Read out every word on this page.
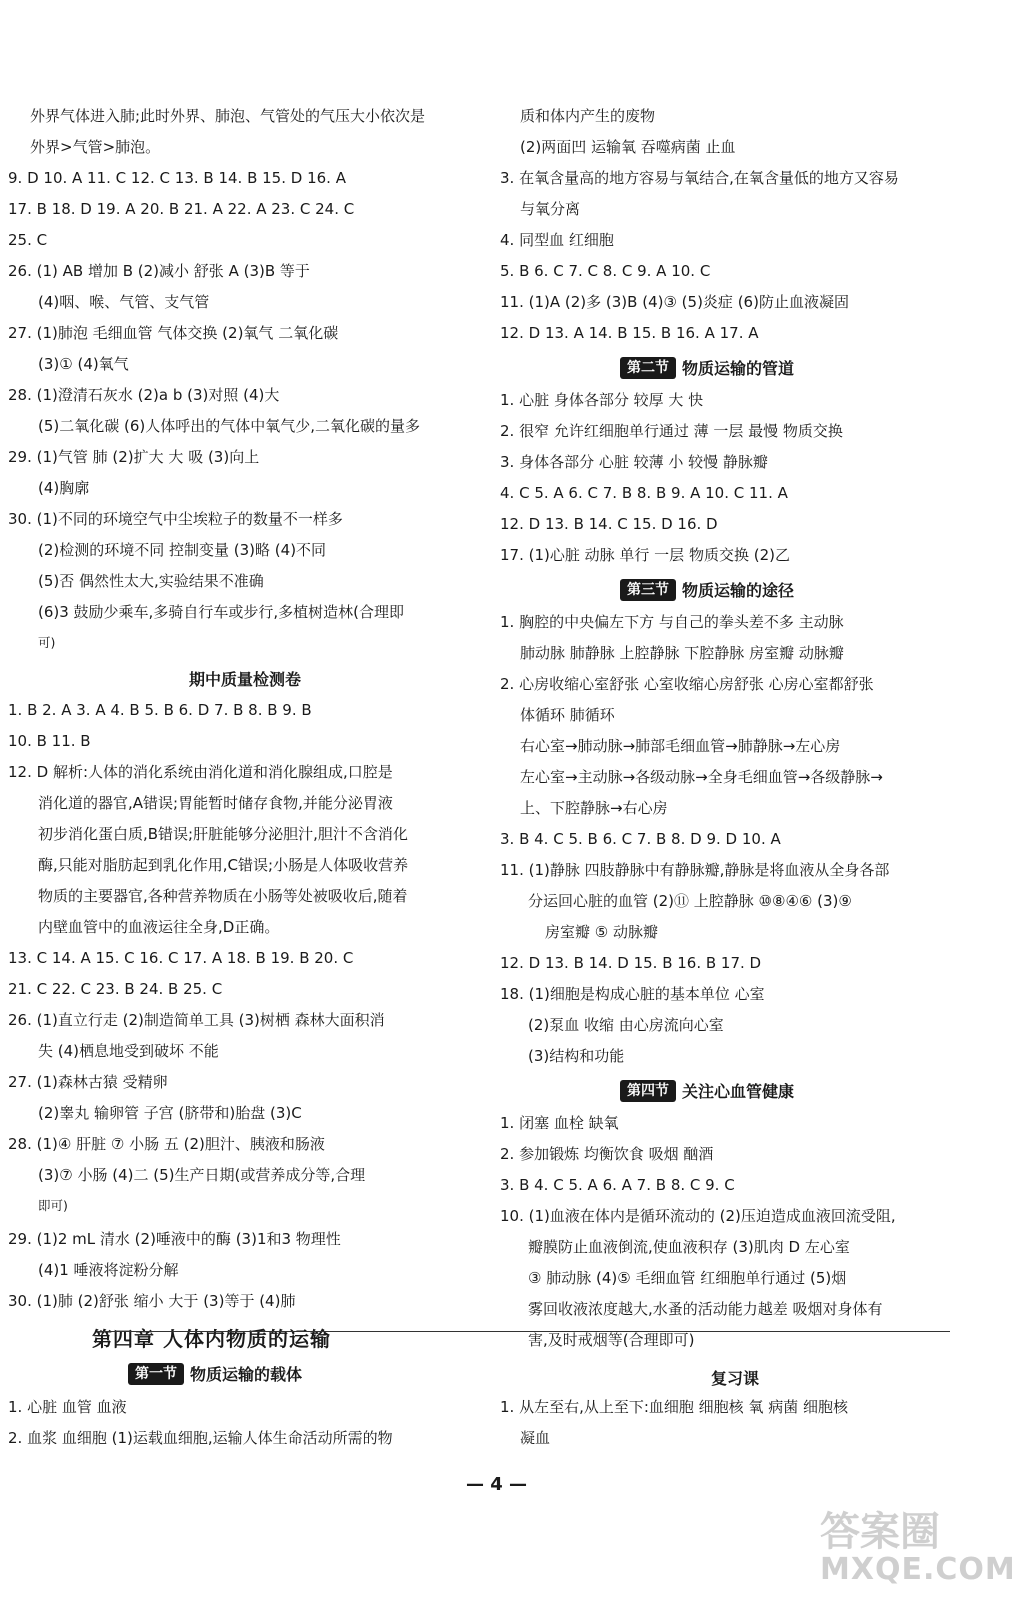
外界气体进入肺;此时外界、肺泡、气管处的气压大小依次是
外界>气管>肺泡。
9. D 10. A 11. C 12. C 13. B 14. B 15. D 16. A
17. B 18. D 19. A 20. B 21. A 22. A 23. C 24. C
25. C
26. (1) AB 增加 B (2)减小 舒张 A (3)B 等于
(4)咽、喉、气管、支气管
27. (1)肺泡 毛细血管 气体交换 (2)氧气 二氧化碳
(3)① (4)氧气
28. (1)澄清石灰水 (2)a b (3)对照 (4)大
(5)二氧化碳 (6)人体呼出的气体中氧气少,二氧化碳的量多
29. (1)气管 肺 (2)扩大 大 吸 (3)向上
(4)胸廓
30. (1)不同的环境空气中尘埃粒子的数量不一样多
(2)检测的环境不同 控制变量 (3)略 (4)不同
(5)否 偶然性太大,实验结果不准确
(6)3 鼓励少乘车,多骑自行车或步行,多植树造林(合理即
可)
期中质量检测卷
1. B 2. A 3. A 4. B 5. B 6. D 7. B 8. B 9. B
10. B 11. B
12. D 解析:人体的消化系统由消化道和消化腺组成,口腔是
消化道的器官,A错误;胃能暂时储存食物,并能分泌胃液
初步消化蛋白质,B错误;肝脏能够分泌胆汁,胆汁不含消化
酶,只能对脂肪起到乳化作用,C错误;小肠是人体吸收营养
物质的主要器官,各种营养物质在小肠等处被吸收后,随着
内壁血管中的血液运往全身,D正确。
13. C 14. A 15. C 16. C 17. A 18. B 19. B 20. C
21. C 22. C 23. B 24. B 25. C
26. (1)直立行走 (2)制造简单工具 (3)树栖 森林大面积消
失 (4)栖息地受到破坏 不能
27. (1)森林古猿 受精卵
(2)睾丸 输卵管 子宫 (脐带和)胎盘 (3)C
28. (1)④ 肝脏 ⑦ 小肠 五 (2)胆汁、胰液和肠液
(3)⑦ 小肠 (4)二 (5)生产日期(或营养成分等,合理
即可)
29. (1)2 mL 清水 (2)唾液中的酶 (3)1和3 物理性
(4)1 唾液将淀粉分解
30. (1)肺 (2)舒张 缩小 大于 (3)等于 (4)肺
第四章 人体内物质的运输
第一节 物质运输的载体
1. 心脏 血管 血液
2. 血浆 血细胞 (1)运载血细胞,运输人体生命活动所需的物
质和体内产生的废物
(2)两面凹 运输氧 吞噬病菌 止血
3. 在氧含量高的地方容易与氧结合,在氧含量低的地方又容易
与氧分离
4. 同型血 红细胞
5. B 6. C 7. C 8. C 9. A 10. C
11. (1)A (2)多 (3)B (4)③ (5)炎症 (6)防止血液凝固
12. D 13. A 14. B 15. B 16. A 17. A
第二节 物质运输的管道
1. 心脏 身体各部分 较厚 大 快
2. 很窄 允许红细胞单行通过 薄 一层 最慢 物质交换
3. 身体各部分 心脏 较薄 小 较慢 静脉瓣
4. C 5. A 6. C 7. B 8. B 9. A 10. C 11. A
12. D 13. B 14. C 15. D 16. D
17. (1)心脏 动脉 单行 一层 物质交换 (2)乙
第三节 物质运输的途径
1. 胸腔的中央偏左下方 与自己的拳头差不多 主动脉
肺动脉 肺静脉 上腔静脉 下腔静脉 房室瓣 动脉瓣
2. 心房收缩心室舒张 心室收缩心房舒张 心房心室都舒张
体循环 肺循环
右心室→肺动脉→肺部毛细血管→肺静脉→左心房
左心室→主动脉→各级动脉→全身毛细血管→各级静脉→
上、下腔静脉→右心房
3. B 4. C 5. B 6. C 7. B 8. D 9. D 10. A
11. (1)静脉 四肢静脉中有静脉瓣,静脉是将血液从全身各部
分运回心脏的血管 (2)⑪ 上腔静脉 ⑩⑧④⑥ (3)⑨
房室瓣 ⑤ 动脉瓣
12. D 13. B 14. D 15. B 16. B 17. D
18. (1)细胞是构成心脏的基本单位 心室
(2)泵血 收缩 由心房流向心室
(3)结构和功能
第四节 关注心血管健康
1. 闭塞 血栓 缺氧
2. 参加锻炼 均衡饮食 吸烟 酗酒
3. B 4. C 5. A 6. A 7. B 8. C 9. C
10. (1)血液在体内是循环流动的 (2)压迫造成血液回流受阻,
瓣膜防止血液倒流,使血液积存 (3)肌肉 D 左心室
③ 肺动脉 (4)⑤ 毛细血管 红细胞单行通过 (5)烟
雾回收液浓度越大,水蚤的活动能力越差 吸烟对身体有
害,及时戒烟等(合理即可)
复习课
1. 从左至右,从上至下:血细胞 细胞核 氧 病菌 细胞核
凝血
— 4 —
答案圈
MXQE.COM
